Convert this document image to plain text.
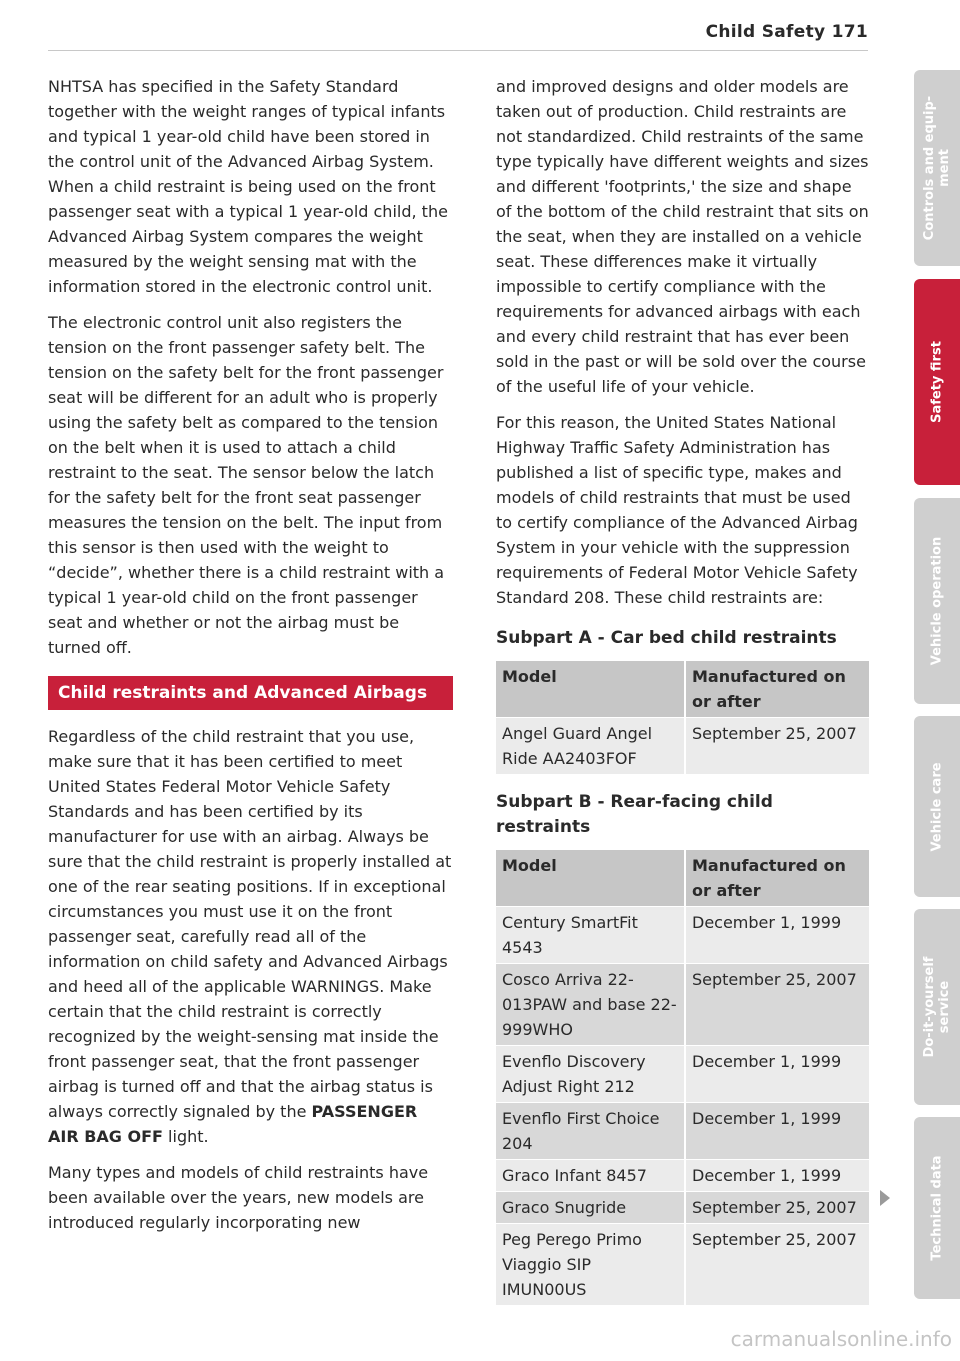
Child Safety 171

NHTSA has specified in the Safety Standard together with the weight ranges of typical infants and typical 1 year-old child have been stored in the control unit of the Advanced Airbag System. When a child restraint is being used on the front passenger seat with a typical 1 year-old child, the Advanced Airbag System compares the weight measured by the weight sensing mat with the information stored in the electronic control unit.

The electronic control unit also registers the tension on the front passenger safety belt. The tension on the safety belt for the front passenger seat will be different for an adult who is properly using the safety belt as compared to the tension on the belt when it is used to attach a child restraint to the seat. The sensor below the latch for the safety belt for the front seat passenger measures the tension on the belt. The input from this sensor is then used with the weight to “decide”, whether there is a child restraint with a typical 1 year-old child on the front passenger seat and whether or not the airbag must be turned off.

Child restraints and Advanced Airbags

Regardless of the child restraint that you use, make sure that it has been certified to meet United States Federal Motor Vehicle Safety Standards and has been certified by its manufacturer for use with an airbag. Always be sure that the child restraint is properly installed at one of the rear seating positions. If in exceptional circumstances you must use it on the front passenger seat, carefully read all of the information on child safety and Advanced Airbags and heed all of the applicable WARNINGS. Make certain that the child restraint is correctly recognized by the weight-sensing mat inside the front passenger seat, that the front passenger airbag is turned off and that the airbag status is always correctly signaled by the PASSENGER AIR BAG OFF light.

Many types and models of child restraints have been available over the years, new models are introduced regularly incorporating new

and improved designs and older models are taken out of production. Child restraints are not standardized. Child restraints of the same type typically have different weights and sizes and different 'footprints,' the size and shape of the bottom of the child restraint that sits on the seat, when they are installed on a vehicle seat. These differences make it virtually impossible to certify compliance with the requirements for advanced airbags with each and every child restraint that has ever been sold in the past or will be sold over the course of the useful life of your vehicle.

For this reason, the United States National Highway Traffic Safety Administration has published a list of specific type, makes and models of child restraints that must be used to certify compliance of the Advanced Airbag System in your vehicle with the suppression requirements of Federal Motor Vehicle Safety Standard 208. These child restraints are:

Subpart A - Car bed child restraints
Model	Manufactured on or after
Angel Guard Angel Ride AA2403FOF	September 25, 2007
Subpart B - Rear-facing child restraints
Model	Manufactured on or after
Century SmartFit 4543	December 1, 1999
Cosco Arriva 22-013PAW and base 22-999WHO	September 25, 2007
Evenflo Discovery Adjust Right 212	December 1, 1999
Evenflo First Choice 204	December 1, 1999
Graco Infant 8457	December 1, 1999
Graco Snugride	September 25, 2007
Peg Perego Primo Viaggio SIP IMUN00US	September 25, 2007
Controls and equip-
ment
Safety first
Vehicle operation
Vehicle care
Do-it-yourself
service
Technical data
carmanualsonline.info
